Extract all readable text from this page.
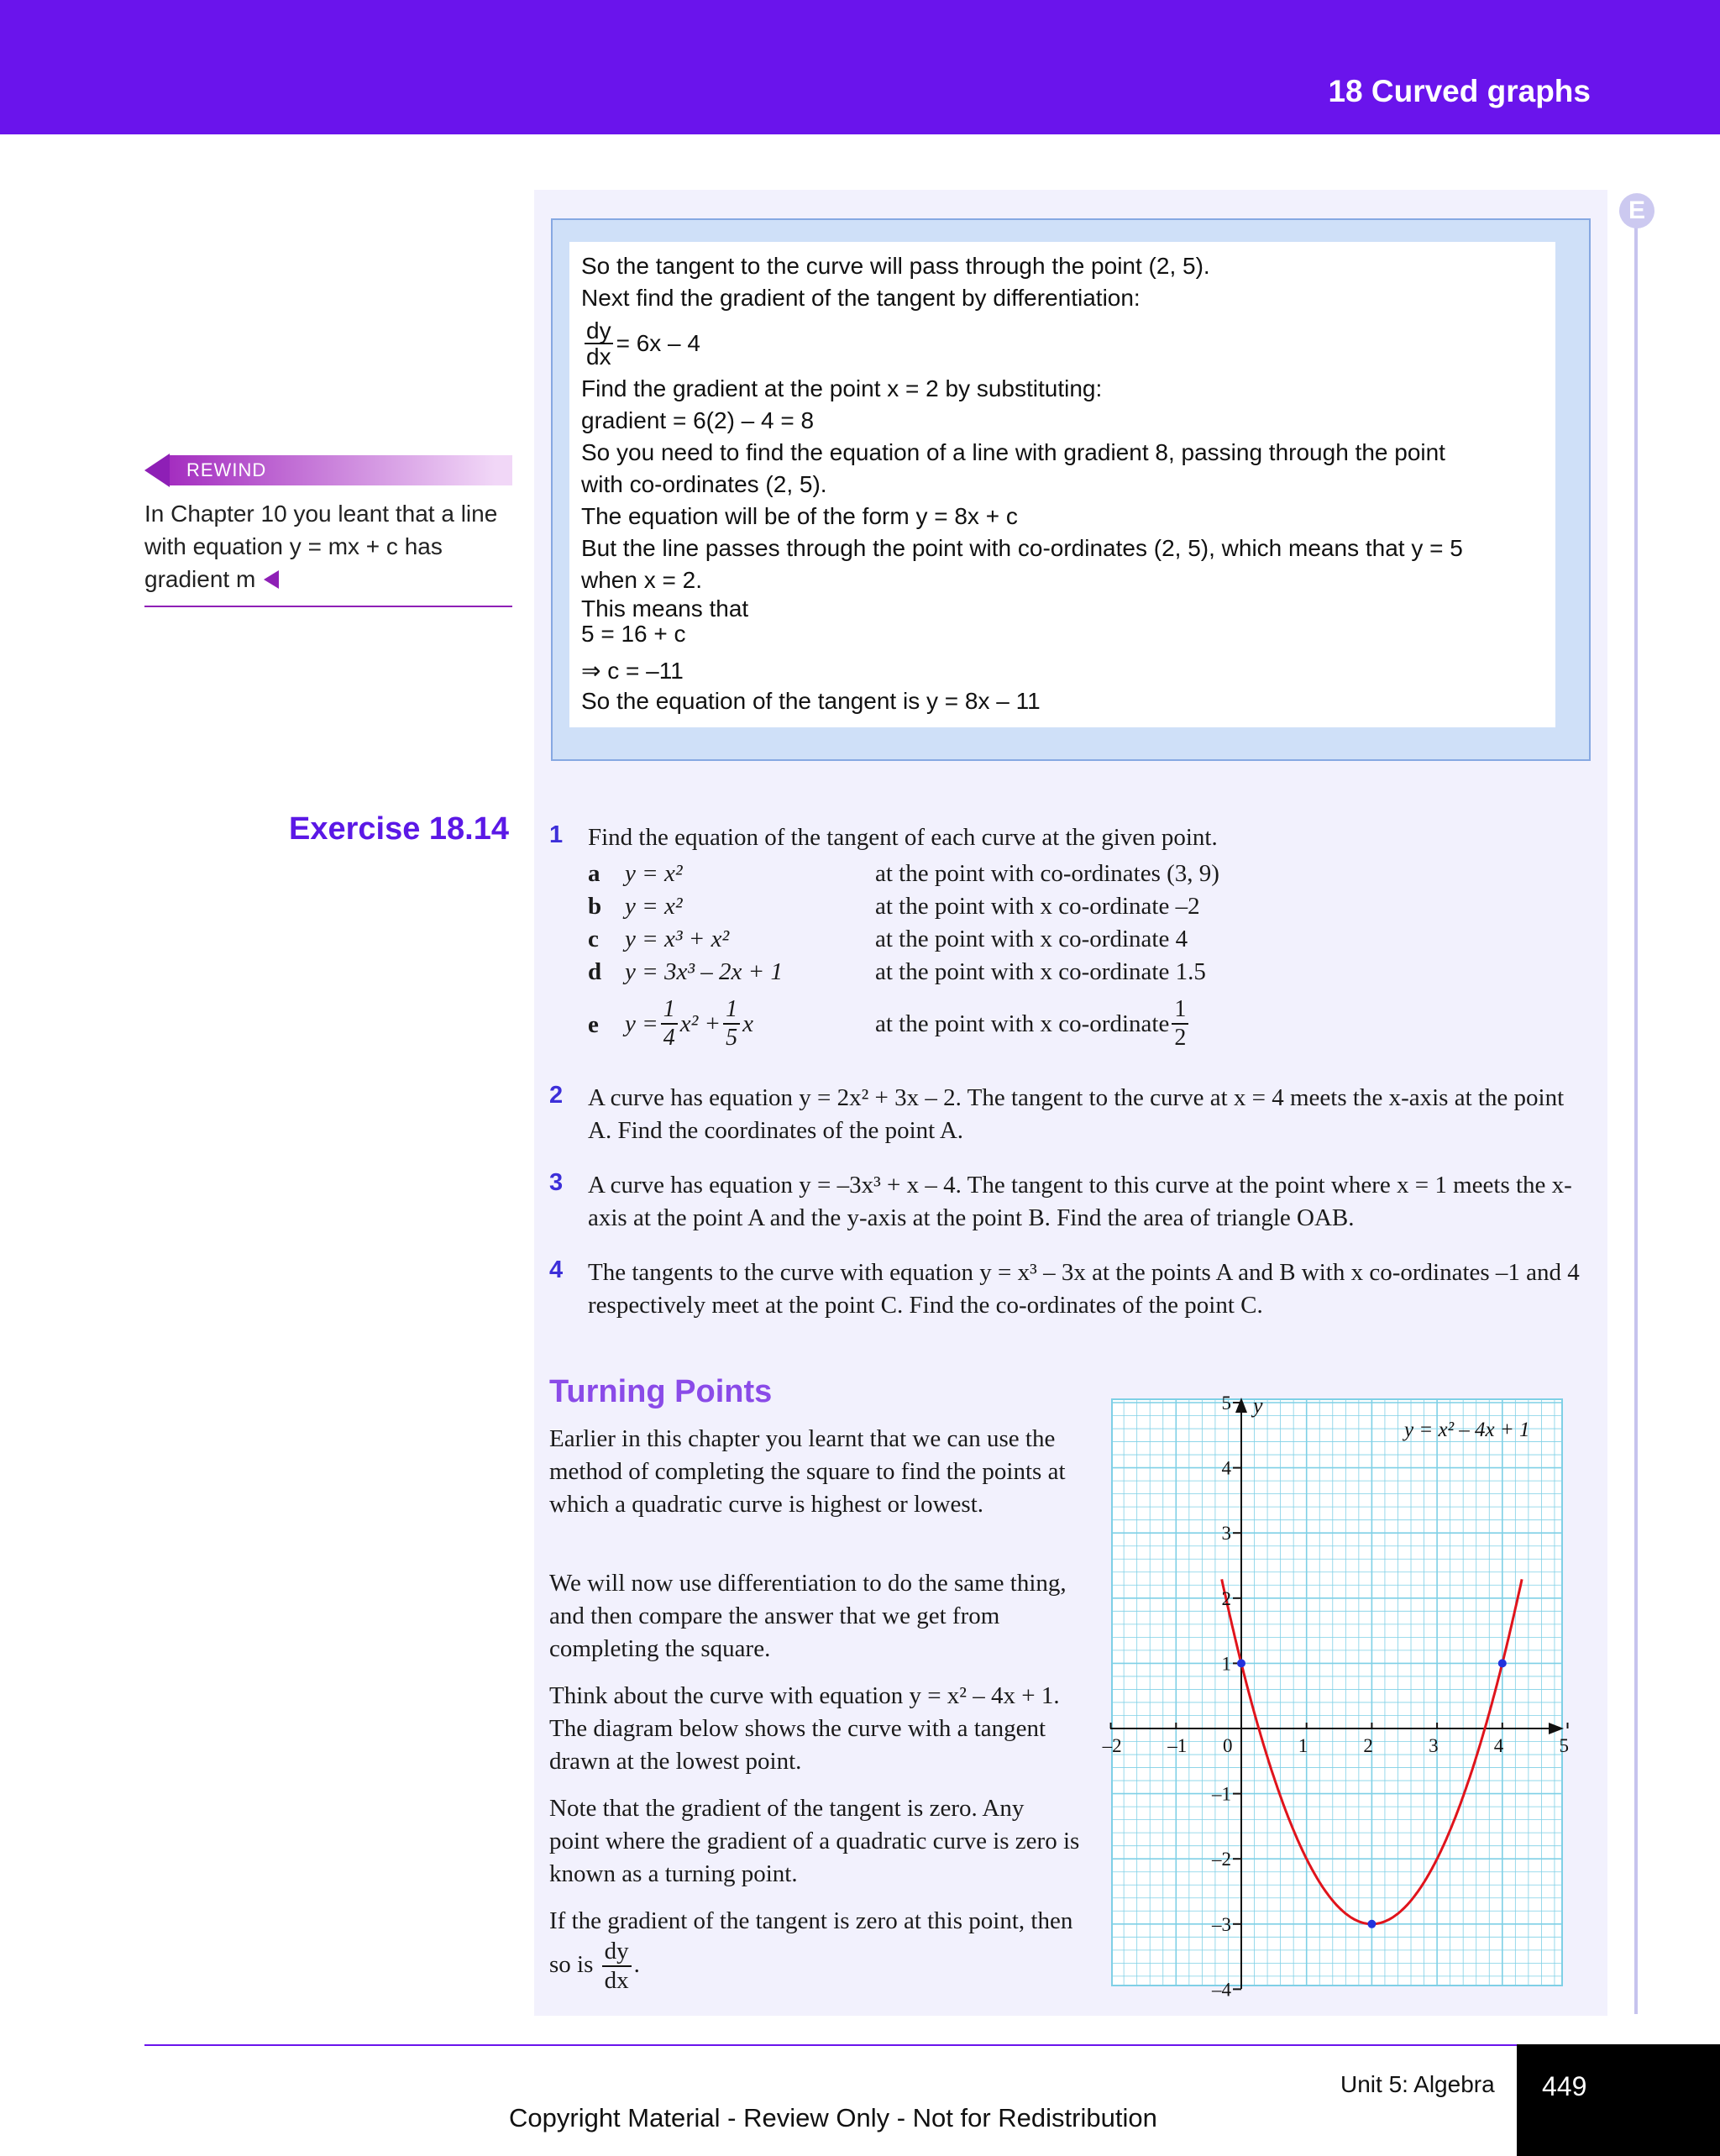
18 Curved graphs
E
So the tangent to the curve will pass through the point (2, 5).
Next find the gradient of the tangent by differentiation:
$\frac{dy}{dx} = 6x - 4$
Find the gradient at the point x = 2 by substituting:
gradient = 6(2) – 4 = 8
So you need to find the equation of a line with gradient 8, passing through the point
with co-ordinates (2, 5).
The equation will be of the form y = 8x + c
But the line passes through the point with co-ordinates (2, 5), which means that y = 5
when x = 2.
This means that
5 = 16 + c
⇒ c = –11
So the equation of the tangent is y = 8x – 11
REWIND
In Chapter 10 you leant that a line with equation y = mx + c has gradient m
Exercise 18.14 1 Find the equation of the tangent of each curve at the given point.
a y = x²	at the point with co-ordinates (3, 9)
b y = x²	at the point with x co-ordinate –2
c y = x³ + x²	at the point with x co-ordinate 4
d y = 3x³ – 2x + 1	at the point with x co-ordinate 1.5
e $y = \frac{1}{4} x^2 + \frac{1}{5}$ x	at the point with x co-ordinate $\frac{1}{2}$
2 A curve has equation y = 2x² + 3x – 2. The tangent to the curve at x = 4 meets the x-axis at the point A. Find the coordinates of the point A.
3 A curve has equation y = –3x³ + x – 4. The tangent to this curve at the point where x = 1 meets the x-axis at the point A and the y-axis at the point B. Find the area of triangle OAB.
4 The tangents to the curve with equation y = x³ – 3x at the points A and B with x co-ordinates –1 and 4 respectively meet at the point C. Find the co-ordinates of the point C.
Turning Points
Earlier in this chapter you learnt that we can use the method of completing the square to find the points at which a quadratic curve is highest or lowest.
We will now use differentiation to do the same thing, and then compare the answer that we get from completing the square.
Think about the curve with equation y = x² – 4x + 1. The diagram below shows the curve with a tangent drawn at the lowest point.
Note that the gradient of the tangent is zero. Any point where the gradient of a quadratic curve is zero is known as a turning point.
If the gradient of the tangent is zero at this point, then so is $\frac{dy}{dx}$ .
–2 –1 0	1	2	3	4	5
5
4
3
2
1
–1
–2
–3
–4
y = x² – 4x + 1
y
Unit 5: Algebra 449
Copyright Material - Review Only - Not for Redistribution
